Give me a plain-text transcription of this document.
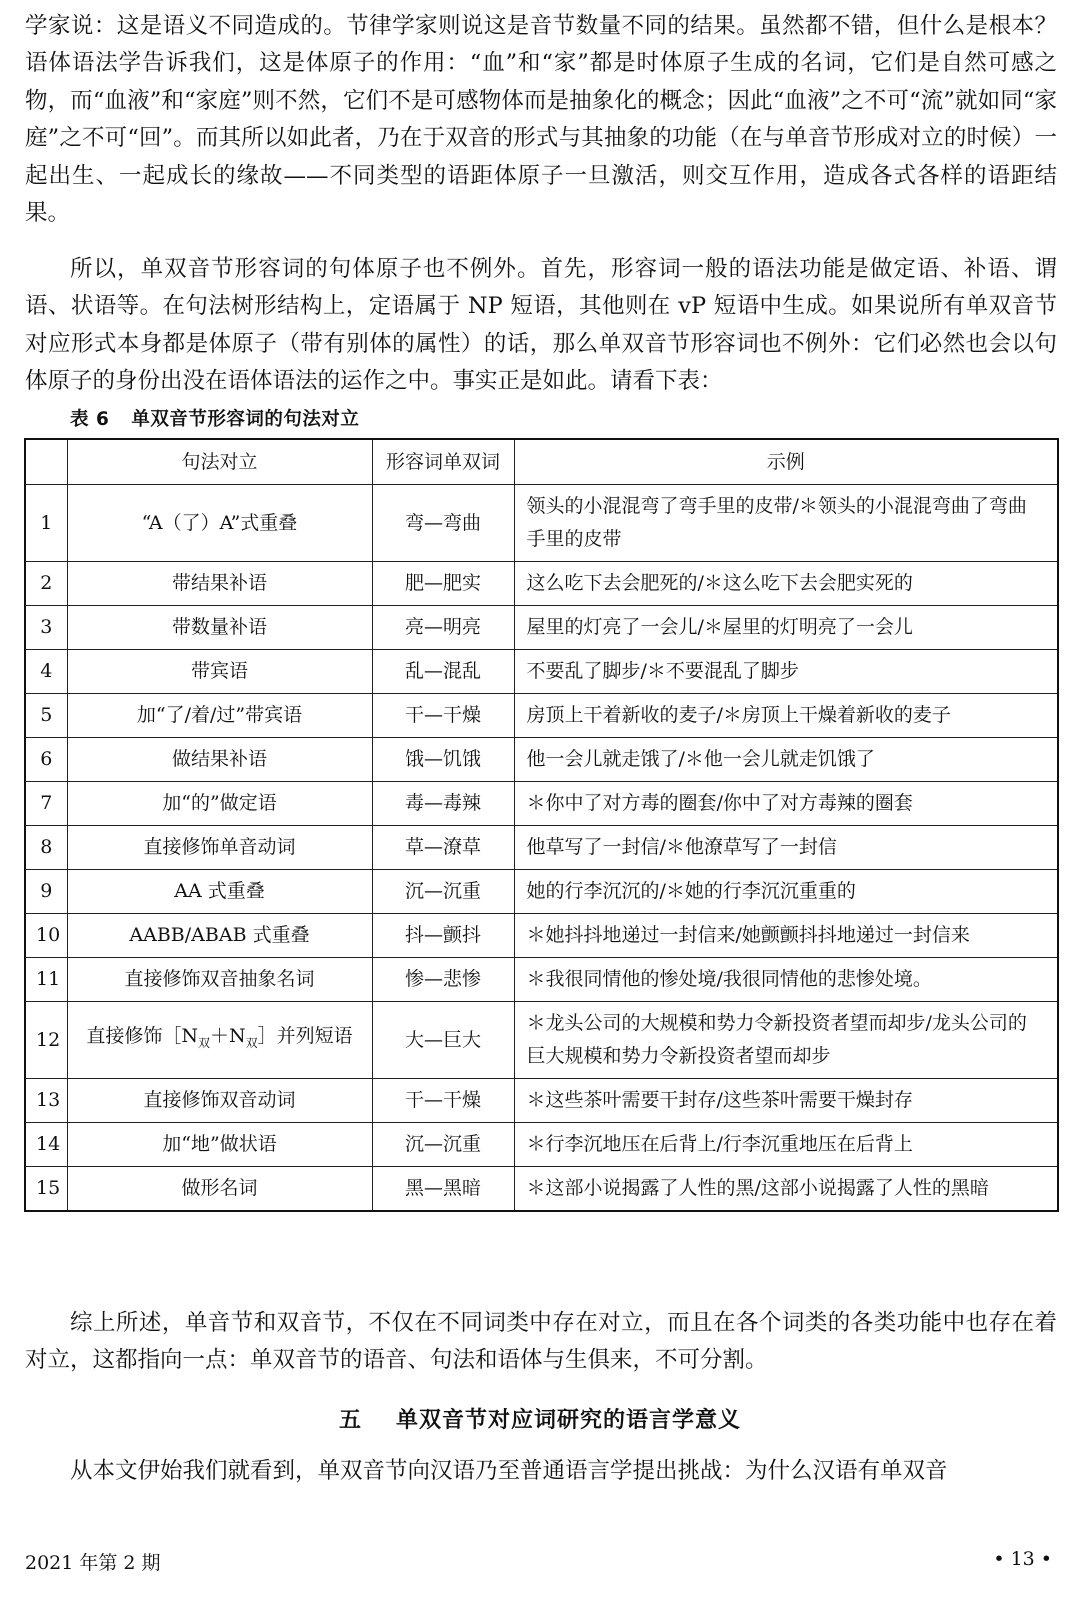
学家说：这是语义不同造成的。节律学家则说这是音节数量不同的结果。虽然都不错，但什么是根本？语体语法学告诉我们，这是体原子的作用：“血”和“家”都是时体原子生成的名词，它们是自然可感之物，而“血液”和“家庭”则不然，它们不是可感物体而是抽象化的概念；因此“血液”之不可“流”就如同“家庭”之不可“回”。而其所以如此者，乃在于双音的形式与其抽象的功能（在与单音节形成对立的时候）一起出生、一起成长的缘故——不同类型的语距体原子一旦激活，则交互作用，造成各式各样的语距结果。

所以，单双音节形容词的句体原子也不例外。首先，形容词一般的语法功能是做定语、补语、谓语、状语等。在句法树形结构上，定语属于 NP 短语，其他则在 vP 短语中生成。如果说所有单双音节对应形式本身都是体原子（带有别体的属性）的话，那么单双音节形容词也不例外：它们必然也会以句体原子的身份出没在语体语法的运作之中。事实正是如此。请看下表：

表 6 单双音节形容词的句法对立
	句法对立	形容词单双词	示例
1	“A（了）A”式重叠	弯—弯曲	领头的小混混弯了弯手里的皮带/＊领头的小混混弯曲了弯曲手里的皮带
2	带结果补语	肥—肥实	这么吃下去会肥死的/＊这么吃下去会肥实死的
3	带数量补语	亮—明亮	屋里的灯亮了一会儿/＊屋里的灯明亮了一会儿
4	带宾语	乱—混乱	不要乱了脚步/＊不要混乱了脚步
5	加“了/着/过”带宾语	干—干燥	房顶上干着新收的麦子/＊房顶上干燥着新收的麦子
6	做结果补语	饿—饥饿	他一会儿就走饿了/＊他一会儿就走饥饿了
7	加“的”做定语	毒—毒辣	＊你中了对方毒的圈套/你中了对方毒辣的圈套
8	直接修饰单音动词	草—潦草	他草写了一封信/＊他潦草写了一封信
9	AA 式重叠	沉—沉重	她的行李沉沉的/＊她的行李沉沉重重的
10	AABB/ABAB 式重叠	抖—颤抖	＊她抖抖地递过一封信来/她颤颤抖抖地递过一封信来
11	直接修饰双音抽象名词	惨—悲惨	＊我很同情他的惨处境/我很同情他的悲惨处境。
12	直接修饰$[N_双+N_双]$并列短语	大—巨大	＊龙头公司的大规模和势力令新投资者望而却步/龙头公司的巨大规模和势力令新投资者望而却步
13	直接修饰双音动词	干—干燥	＊这些茶叶需要干封存/这些茶叶需要干燥封存
14	加“地”做状语	沉—沉重	＊行李沉地压在后背上/行李沉重地压在后背上
15	做形名词	黑—黑暗	＊这部小说揭露了人性的黑/这部小说揭露了人性的黑暗

综上所述，单音节和双音节，不仅在不同词类中存在对立，而且在各个词类的各类功能中也存在着对立，这都指向一点：单双音节的语音、句法和语体与生俱来，不可分割。

五 单双音节对应词研究的语言学意义

从本文伊始我们就看到，单双音节向汉语乃至普通语言学提出挑战：为什么汉语有单双音

2021 年第 2 期	• 13 •
